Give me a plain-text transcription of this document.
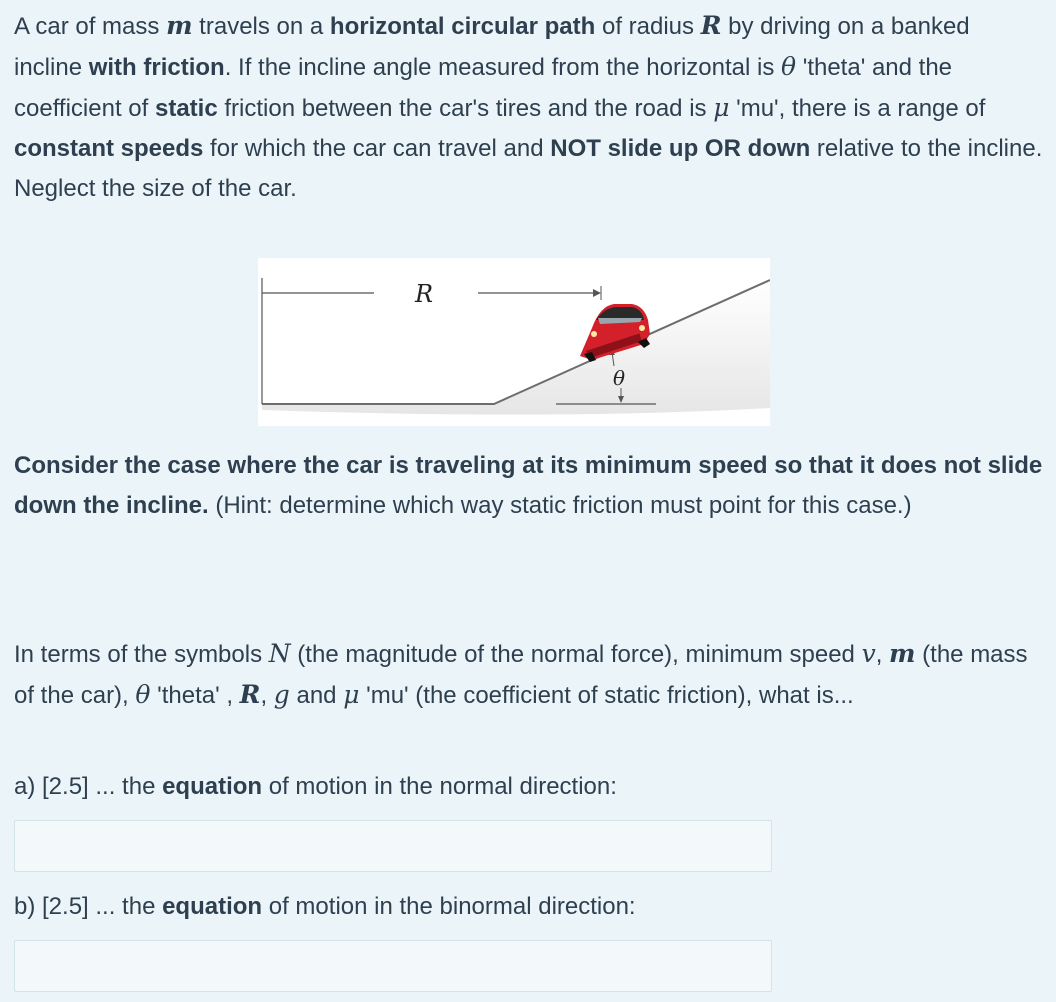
A car of mass m travels on a horizontal circular path of radius R by driving on a banked incline with friction. If the incline angle measured from the horizontal is θ 'theta' and the coefficient of static friction between the car's tires and the road is μ 'mu', there is a range of constant speeds for which the car can travel and NOT slide up OR down relative to the incline. Neglect the size of the car.

R
θ

Consider the case where the car is traveling at its minimum speed so that it does not slide down the incline. (Hint: determine which way static friction must point for this case.)

In terms of the symbols N (the magnitude of the normal force), minimum speed v, m (the mass of the car), θ 'theta' , R, g and μ 'mu' (the coefficient of static friction), what is...

a) [2.5] ... the equation of motion in the normal direction:

b) [2.5] ... the equation of motion in the binormal direction:
